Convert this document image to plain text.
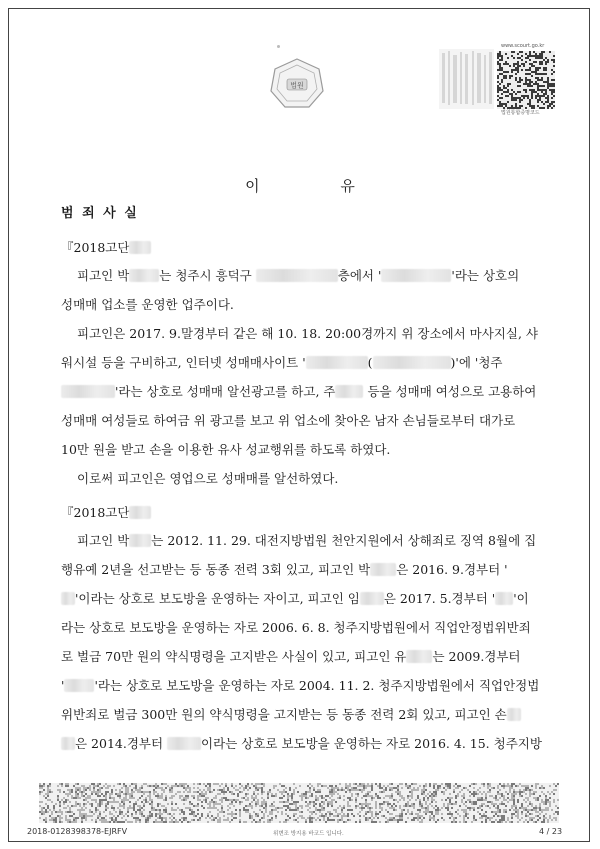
법원
www.scourt.go.kr
법원통합증명코드
이 유
범 죄 사 실
『2018고단
피고인 박 는 청주시 흥덕구	층에서 '	'라는 상호의
성매매 업소를 운영한 업주이다.
피고인은 2017. 9.말경부터 같은 해 10. 18. 20:00경까지 위 장소에서 마사지실, 샤
워시설 등을 구비하고, 인터넷 성매매사이트 '	(	)'에 '청주
'라는 상호로 성매매 알선광고를 하고, 주	등을 성매매 여성으로 고용하여
성매매 여성들로 하여금 위 광고를 보고 위 업소에 찾아온 남자 손님들로부터 대가로
10만 원을 받고 손을 이용한 유사 성교행위를 하도록 하였다.
이로써 피고인은 영업으로 성매매를 알선하였다.
『2018고단
피고인 박 는 2012. 11. 29. 대전지방법원 천안지원에서 상해죄로 징역 8월에 집
행유예 2년을 선고받는 등 동종 전력 3회 있고, 피고인 박 은 2016. 9.경부터 '
'이라는 상호로 보도방을 운영하는 자이고, 피고인 임 은 2017. 5.경부터 ' '이
라는 상호로 보도방을 운영하는 자로 2006. 6. 8. 청주지방법원에서 직업안정법위반죄
로 벌금 70만 원의 약식명령을 고지받은 사실이 있고, 피고인 유 는 2009.경부터
' '라는 상호로 보도방을 운영하는 자로 2004. 11. 2. 청주지방법원에서 직업안정법
위반죄로 벌금 300만 원의 약식명령을 고지받는 등 동종 전력 2회 있고, 피고인 손
은 2014.경부터	이라는 상호로 보도방을 운영하는 자로 2016. 4. 15. 청주지방
2018-0128398378-EJRFV	위변조 방지용 바코드 입니다.	4 / 23
